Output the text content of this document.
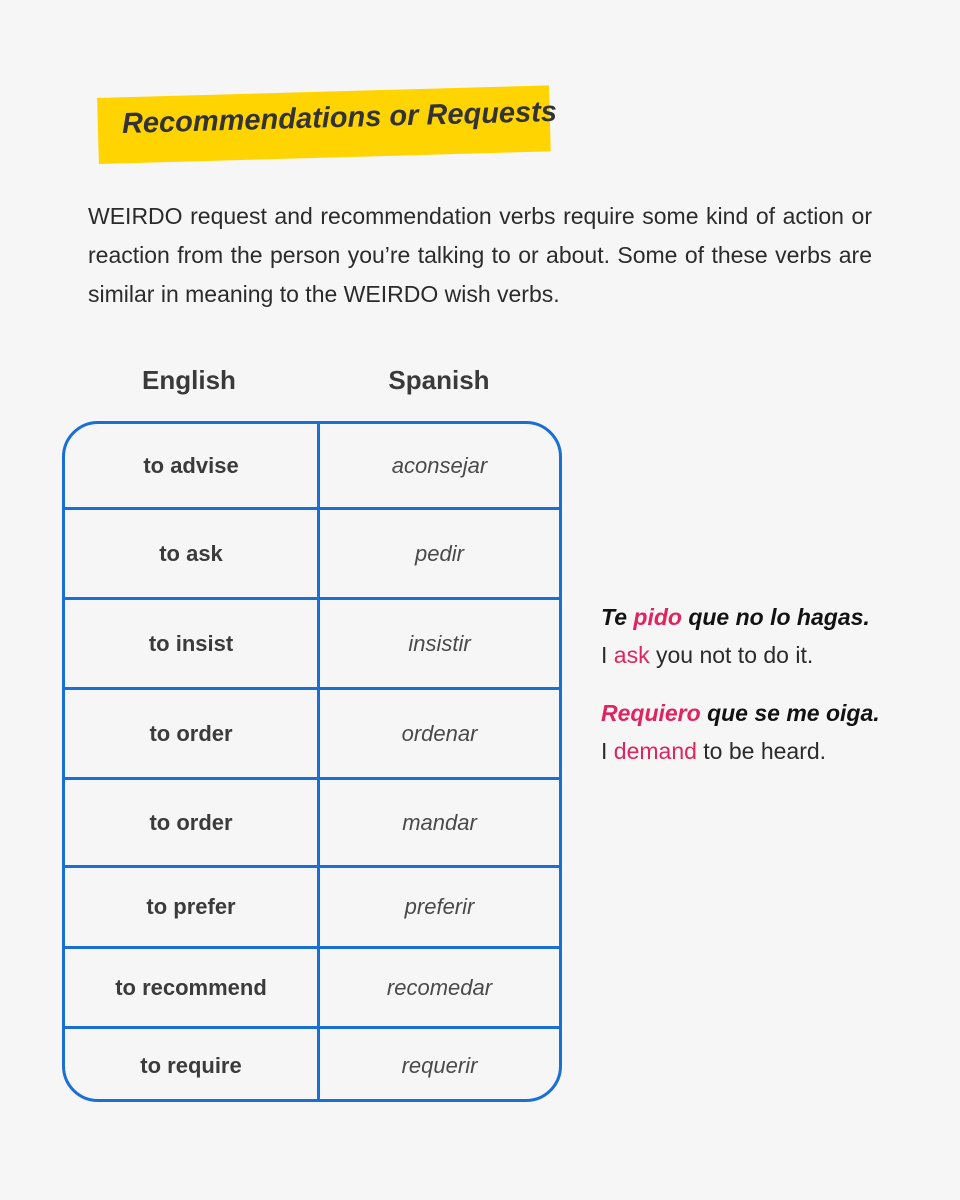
Recommendations or Requests

WEIRDO request and recommendation verbs require some kind of action or reaction from the person you’re talking to or about. Some of these verbs are similar in meaning to the WEIRDO wish verbs.

English	Spanish
to advise	aconsejar
to ask	pedir
to insist	insistir
to order	ordenar
to order	mandar
to prefer	preferir
to recommend	recomedar
to require	requerir
Te pido que no lo hagas.
I ask you not to do it.
Requiero que se me oiga.
I demand to be heard.
